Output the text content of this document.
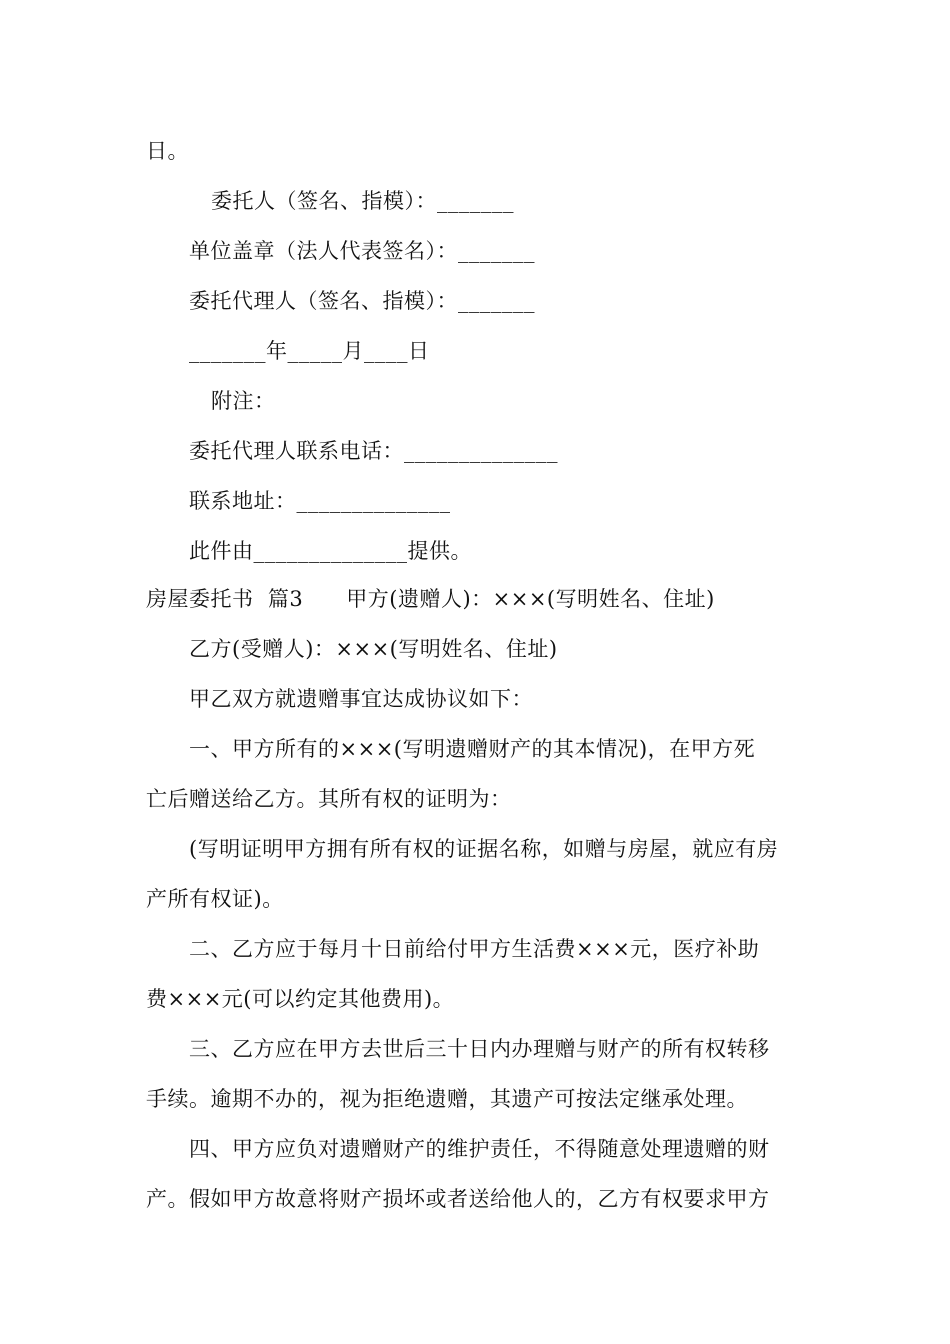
日。
委托人（签名、指模）：_______
单位盖章（法人代表签名）：_______
委托代理人（签名、指模）：_______
_______年_____月____日
附注：
委托代理人联系电话：______________
联系地址：______________
此件由______________提供。
房屋委托书  篇3      甲方(遗赠人)：×××(写明姓名、住址)
乙方(受赠人)：×××(写明姓名、住址)
甲乙双方就遗赠事宜达成协议如下：
一、甲方所有的×××(写明遗赠财产的其本情况)，在甲方死
亡后赠送给乙方。其所有权的证明为：
(写明证明甲方拥有所有权的证据名称，如赠与房屋，就应有房
产所有权证)。
二、乙方应于每月十日前给付甲方生活费×××元，医疗补助
费×××元(可以约定其他费用)。
三、乙方应在甲方去世后三十日内办理赠与财产的所有权转移
手续。逾期不办的，视为拒绝遗赠，其遗产可按法定继承处理。
四、甲方应负对遗赠财产的维护责任，不得随意处理遗赠的财
产。假如甲方故意将财产损坏或者送给他人的，乙方有权要求甲方
